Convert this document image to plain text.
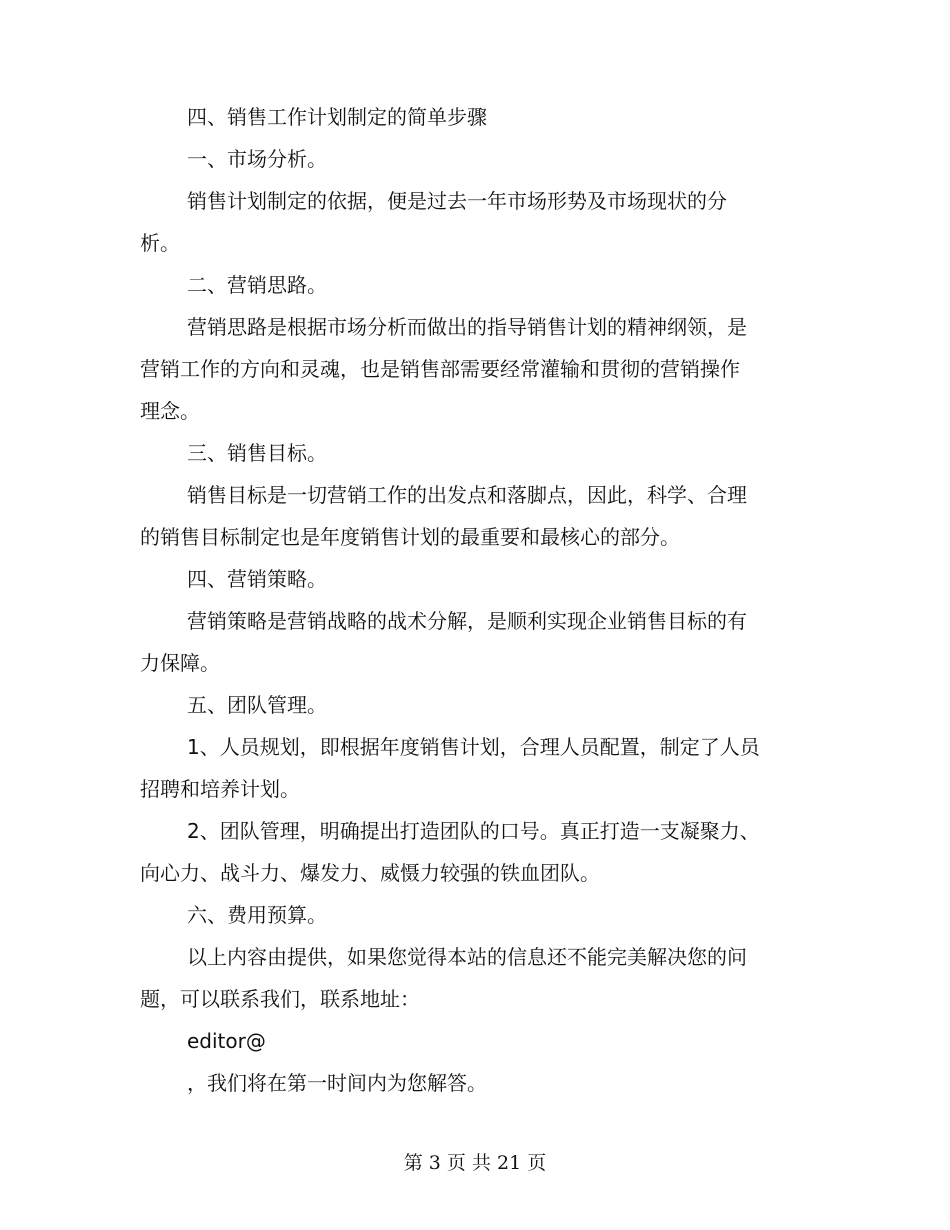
四、销售工作计划制定的简单步骤

一、市场分析。

销售计划制定的依据，便是过去一年市场形势及市场现状的分
析。

二、营销思路。

营销思路是根据市场分析而做出的指导销售计划的精神纲领，是
营销工作的方向和灵魂，也是销售部需要经常灌输和贯彻的营销操作
理念。

三、销售目标。

销售目标是一切营销工作的出发点和落脚点，因此，科学、合理
的销售目标制定也是年度销售计划的最重要和最核心的部分。

四、营销策略。

营销策略是营销战略的战术分解，是顺利实现企业销售目标的有
力保障。

五、团队管理。

1、人员规划，即根据年度销售计划，合理人员配置，制定了人员
招聘和培养计划。

2、团队管理，明确提出打造团队的口号。真正打造一支凝聚力、
向心力、战斗力、爆发力、威慑力较强的铁血团队。

六、费用预算。

以上内容由提供，如果您觉得本站的信息还不能完美解决您的问
题，可以联系我们，联系地址：

editor@

，我们将在第一时间内为您解答。

第 3 页 共 21 页
